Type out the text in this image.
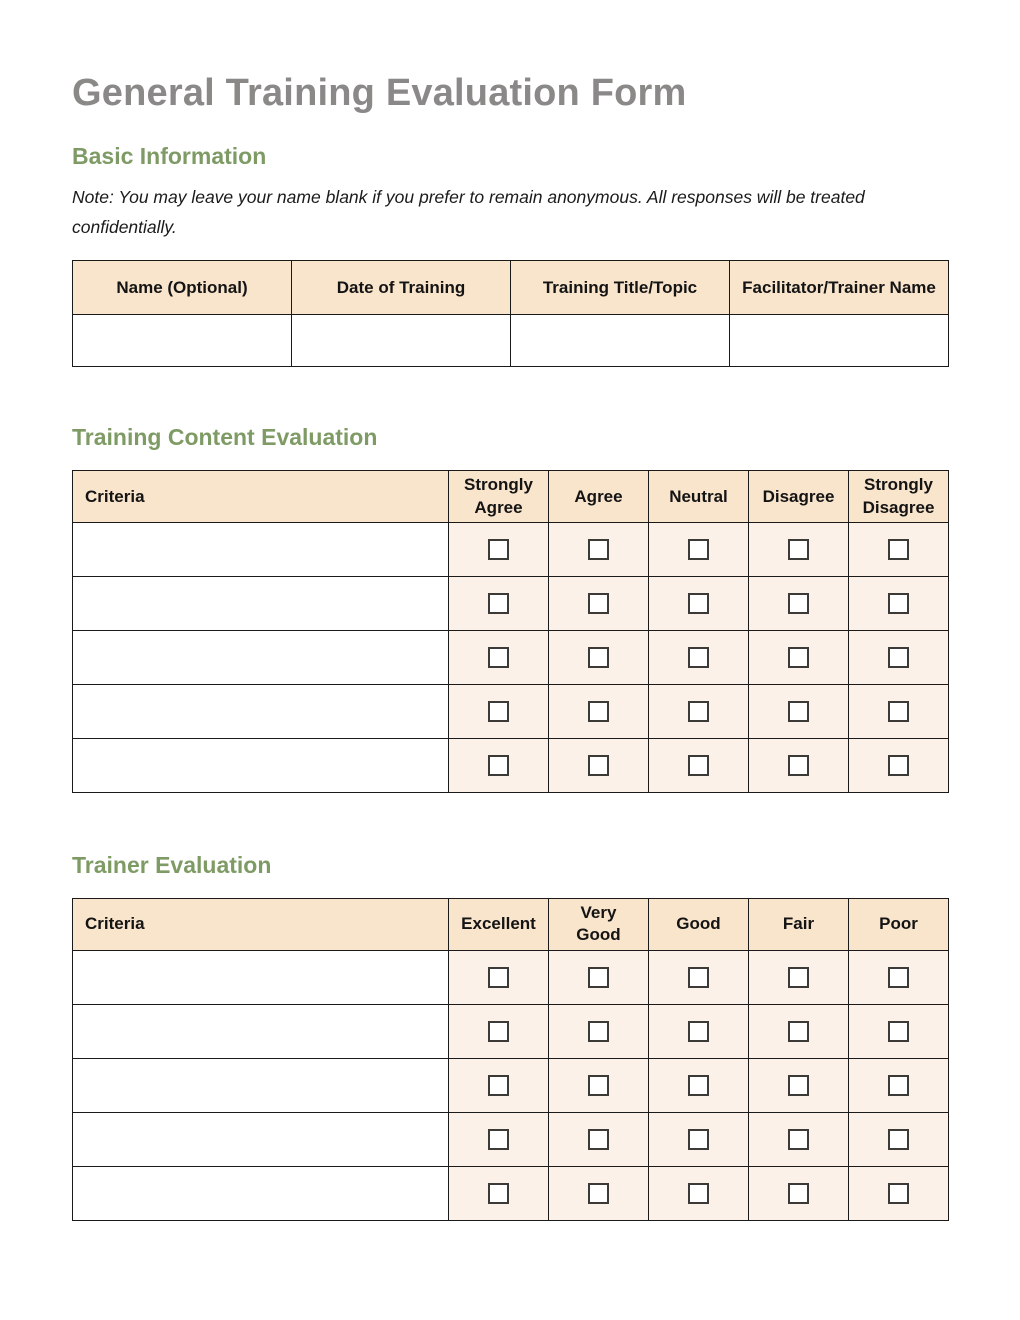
General Training Evaluation Form
Basic Information

Note: You may leave your name blank if you prefer to remain anonymous. All responses will be treated confidentially.

Name (Optional)	Date of Training	Training Title/Topic	Facilitator/Trainer Name

Training Content Evaluation
Criteria	Strongly Agree	Agree	Neutral	Disagree	Strongly Disagree

Trainer Evaluation
Criteria	Excellent	Very Good	Good	Fair	Poor
